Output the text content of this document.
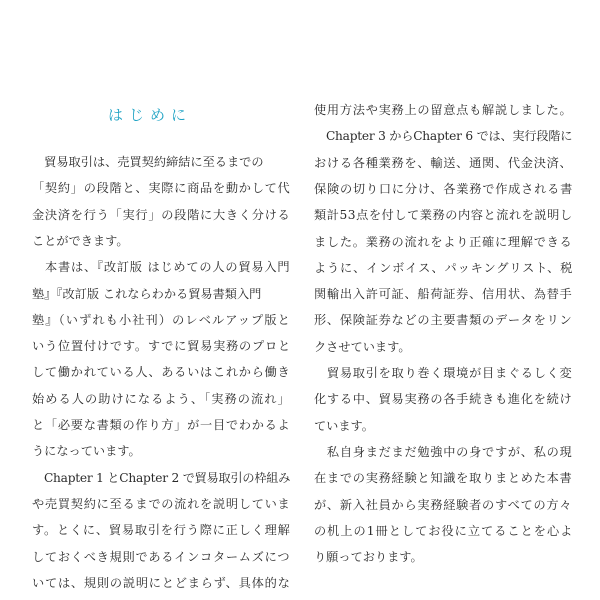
はじめに
　貿易取引は、売買契約締結に至るまでの
「契約」の段階と、実際に商品を動かして代
金決済を行う「実行」の段階に大きく分ける
ことができます。
　本書は、『改訂版 はじめての人の貿易入門
塾』『改訂版 これならわかる貿易書類入門
塾』（いずれも小社刊）のレベルアップ版と
いう位置付けです。すでに貿易実務のプロと
して働かれている人、あるいはこれから働き
始める人の助けになるよう、「実務の流れ」
と「必要な書類の作り方」が一目でわかるよ
うになっています。
　Chapter 1 とChapter 2 で貿易取引の枠組み
や売買契約に至るまでの流れを説明していま
す。とくに、貿易取引を行う際に正しく理解
しておくべき規則であるインコタームズにつ
いては、規則の説明にとどまらず、具体的な
使用方法や実務上の留意点も解説しました。
　Chapter 3 からChapter 6 では、実行段階に
おける各種業務を、輸送、通関、代金決済、
保険の切り口に分け、各業務で作成される書
類計53点を付して業務の内容と流れを説明し
ました。業務の流れをより正確に理解できる
ように、インボイス、パッキングリスト、税
関輸出入許可証、船荷証券、信用状、為替手
形、保険証券などの主要書類のデータをリン
クさせています。
　貿易取引を取り巻く環境が目まぐるしく変
化する中、貿易実務の各手続きも進化を続け
ています。
　私自身まだまだ勉強中の身ですが、私の現
在までの実務経験と知識を取りまとめた本書
が、新入社員から実務経験者のすべての方々
の机上の1冊としてお役に立てることを心よ
り願っております。
